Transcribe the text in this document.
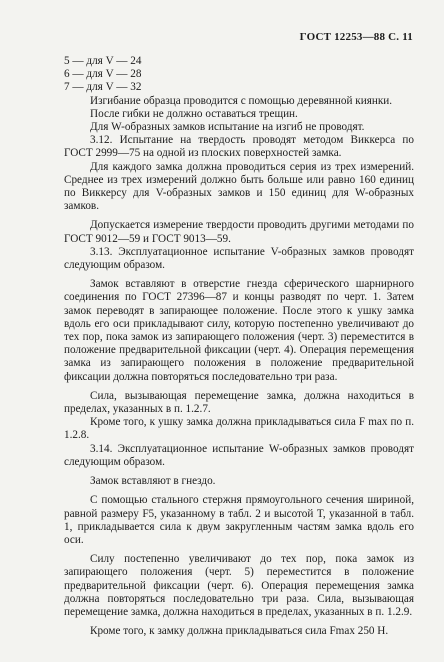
ГОСТ 12253—88 С. 11

5 — для V — 24

6 — для V — 28

7 — для V — 32

Изгибание образца проводится с помощью деревянной киянки.

После гибки не должно оставаться трещин.

Для W-образных замков испытание на изгиб не проводят.

3.12. Испытание на твердость проводят методом Виккерса по ГОСТ 2999—75 на одной из плоских поверхностей замка.

Для каждого замка должна проводиться серия из трех измерений. Среднее из трех измерений должно быть больше или равно 160 единиц по Виккерсу для V-образных замков и 150 единиц для W-образных замков.

Допускается измерение твердости проводить другими методами по ГОСТ 9012—59 и ГОСТ 9013—59.

3.13. Эксплуатационное испытание V-образных замков проводят следующим образом.

Замок вставляют в отверстие гнезда сферического шарнирного соединения по ГОСТ 27396—87 и концы разводят по черт. 1. Затем замок переводят в запирающее положение. После этого к ушку замка вдоль его оси прикладывают силу, которую постепенно увеличивают до тех пор, пока замок из запирающего положения (черт. 3) переместится в положение предварительной фиксации (черт. 4). Операция перемещения замка из запирающего положения в положение предварительной фиксации должна повторяться последовательно три раза.

Сила, вызывающая перемещение замка, должна находиться в пределах, указанных в п. 1.2.7.

Кроме того, к ушку замка должна прикладываться сила F max по п. 1.2.8.

3.14. Эксплуатационное испытание W-образных замков проводят следующим образом.

Замок вставляют в гнездо.

С помощью стального стержня прямоугольного сечения шириной, равной размеру F5, указанному в табл. 2 и высотой T, указанной в табл. 1, прикладывается сила к двум закругленным частям замка вдоль его оси.

Силу постепенно увеличивают до тех пор, пока замок из запирающего положения (черт. 5) переместится в положение предварительной фиксации (черт. 6). Операция перемещения замка должна повторяться последовательно три раза. Сила, вызывающая перемещение замка, должна находиться в пределах, указанных в п. 1.2.9.

Кроме того, к замку должна прикладываться сила Fmax 250 Н.
